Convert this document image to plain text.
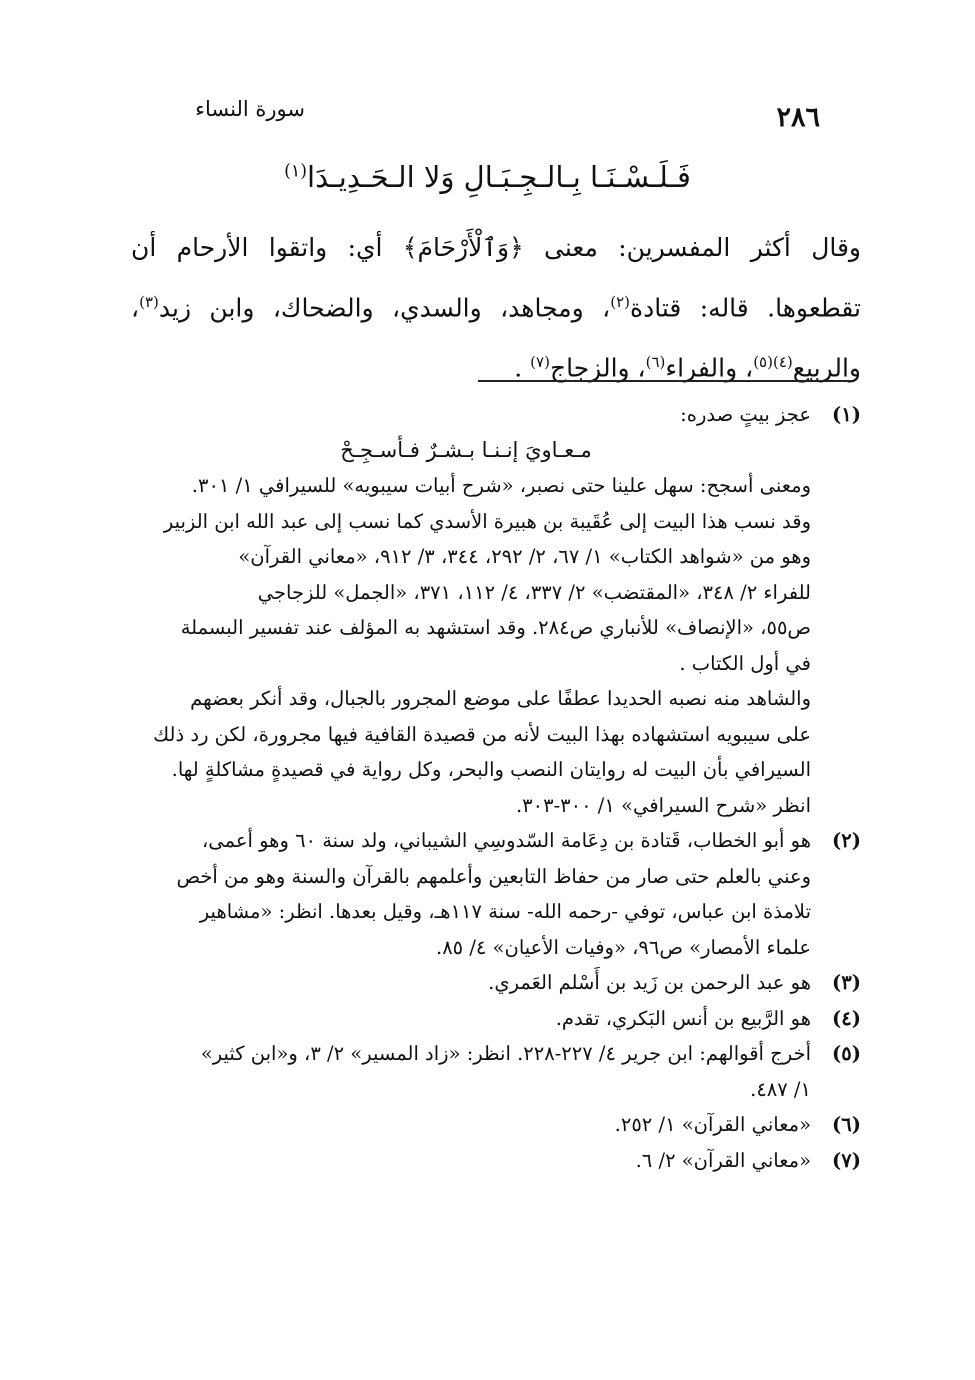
٢٨٦
سورة النساء
فَـلَـسْـنَـا بِـالـجِـبَـالِ وَلا الـحَـدِيـدَا$^{(١)}$
وقال أكثر المفسرين: معنى ﴿وَٱلْأَرْحَامَ﴾ أي: واتقوا الأرحام أن تقطعوها. قاله: قتادة$^{(٢)}$، ومجاهد، والسدي، والضحاك، وابن زيد$^{(٣)}$، والربيع$^{(٤)(٥)}$، والفراء$^{(٦)}$، والزجاج$^{(٧)}$ .
(١)
عجز بيتٍ صدره:
مـعـاويَ إنـنـا بـشـرٌ فـأسـجِـحْ
ومعنى أسجح: سهل علينا حتى نصبر، «شرح أبيات سيبويه» للسيرافي ١/ ٣٠١.
وقد نسب هذا البيت إلى عُقَيبة بن هبيرة الأسدي كما نسب إلى عبد الله ابن الزبير
وهو من «شواهد الكتاب» ١/ ٦٧، ٢/ ٢٩٢، ٣٤٤، ٣/ ٩١٢، «معاني القرآن»
للفراء ٢/ ٣٤٨، «المقتضب» ٢/ ٣٣٧، ٤/ ١١٢، ٣٧١، «الجمل» للزجاجي
ص٥٥، «الإنصاف» للأنباري ص٢٨٤. وقد استشهد به المؤلف عند تفسير البسملة
في أول الكتاب .
والشاهد منه نصبه الحديدا عطفًا على موضع المجرور بالجبال، وقد أنكر بعضهم
على سيبويه استشهاده بهذا البيت لأنه من قصيدة القافية فيها مجرورة، لكن رد ذلك
السيرافي بأن البيت له روايتان النصب والبحر، وكل رواية في قصيدةٍ مشاكلةٍ لها.
انظر «شرح السيرافي» ١/ ٣٠٠-٣٠٣.
(٢)
هو أبو الخطاب، قَتادة بن دِعَامة السّدوسِي الشيباني، ولد سنة ٦٠ وهو أعمى،
وعني بالعلم حتى صار من حفاظ التابعين وأعلمهم بالقرآن والسنة وهو من أخص
تلامذة ابن عباس، توفي -رحمه الله- سنة ١١٧هـ، وقيل بعدها. انظر: «مشاهير
علماء الأمصار» ص٩٦، «وفيات الأعيان» ٤/ ٨٥.
(٣)
هو عبد الرحمن بن زَيد بن أَسْلم العَمري.
(٤)
هو الرَّبيع بن أنس البَكري، تقدم.
(٥)
أخرج أقوالهم: ابن جرير ٤/ ٢٢٧-٢٢٨. انظر: «زاد المسير» ٢/ ٣، و«ابن كثير»
١/ ٤٨٧.
(٦)
«معاني القرآن» ١/ ٢٥٢.
(٧)
«معاني القرآن» ٢/ ٦.
